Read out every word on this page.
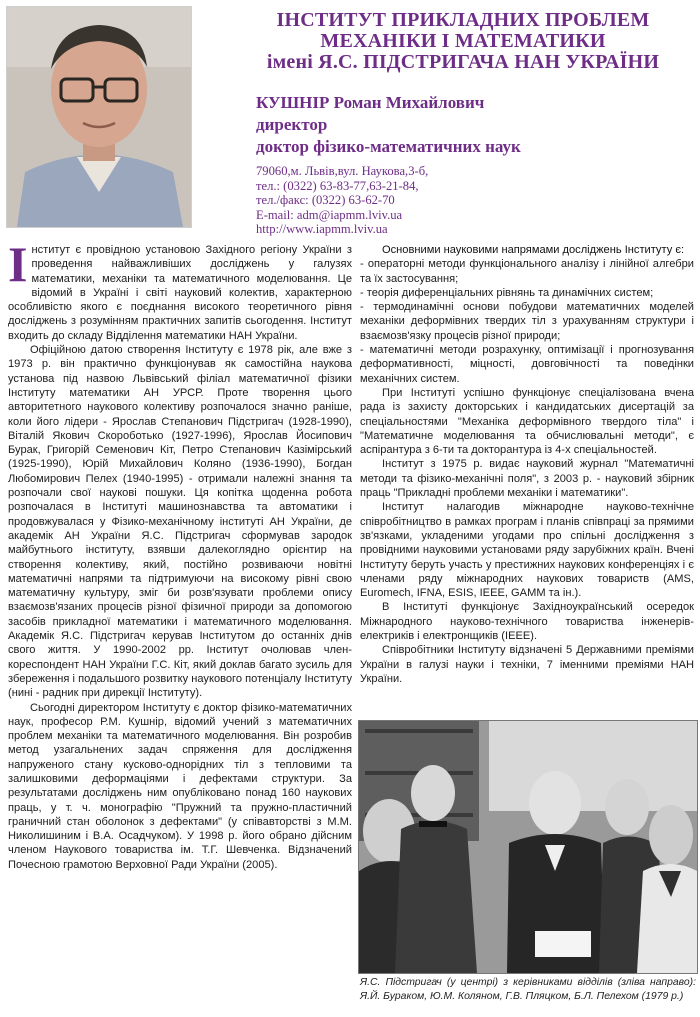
ІНСТИТУТ ПРИКЛАДНИХ ПРОБЛЕМ
МЕХАНІКИ І МАТЕМАТИКИ
імені Я.С. ПІДСТРИГАЧА НАН УКРАЇНИ
КУШНІР Роман Михайлович
директор
доктор фізико-математичних наук
79060,м. Львів,вул. Наукова,3-б,
тел.: (0322) 63-83-77,63-21-84,
тел./факс: (0322) 63-62-70
E-mail: adm@iapmm.lviv.ua
http://www.iapmm.lviv.ua

Інститут є провідною установою Західного регіону України з проведення найважливіших досліджень у галузях математики, механіки та математичного моделювання. Це відомий в Україні і світі науковий колектив, характерною особливістю якого є поєднання високого теоретичного рівня досліджень з розумінням практичних запитів сьогодення. Інститут входить до складу Відділення математики НАН України.

Офіційною датою створення Інституту є 1978 рік, але вже з 1973 р. він практично функціонував як самостійна наукова установа під назвою Львівський філіал математичної фізики Інституту математики АН УРСР. Проте творення цього авторитетного наукового колективу розпочалося значно раніше, коли його лідери - Ярослав Степанович Підстригач (1928-1990), Віталій Якович Скороботько (1927-1996), Ярослав Йосипович Бурак, Григорій Семенович Кіт, Петро Степанович Казімірський (1925-1990), Юрій Михайлович Коляно (1936-1990), Богдан Любомирович Пелех (1940-1995) - отримали належні знання та розпочали свої наукові пошуки. Ця копітка щоденна робота розпочалася в Інституті машинознавства та автоматики і продовжувалася у Фізико-механічному інституті АН України, де академік АН України Я.С. Підстригач сформував зародок майбутнього інституту, взявши далекоглядно орієнтир на створення колективу, який, постійно розвиваючи новітні математичні напрями та підтримуючи на високому рівні свою математичну культуру, зміг би розв'язувати проблеми опису взаємозв'язаних процесів різної фізичної природи за допомогою засобів прикладної математики і математичного моделювання. Академік Я.С. Підстригач керував Інститутом до останніх днів свого життя. У 1990-2002 рр. Інститут очолював член-кореспондент НАН України Г.С. Кіт, який доклав багато зусиль для збереження і подальшого розвитку наукового потенціалу Інституту (нині - радник при дирекції Інституту).

Сьогодні директором Інституту є доктор фізико-математичних наук, професор Р.М. Кушнір, відомий учений з математичних проблем механіки та математичного моделювання. Він розробив метод узагальнених задач спряження для дослідження напруженого стану кусково-однорідних тіл з тепловими та залишковими деформаціями і дефектами структури. За результатами досліджень ним опубліковано понад 160 наукових праць, у т. ч. монографію "Пружний та пружно-пластичний граничний стан оболонок з дефектами" (у співавторстві з М.М. Николишиним і В.А. Осадчуком). У 1998 р. його обрано дійсним членом Наукового товариства ім. Т.Г. Шевченка. Відзначений Почесною грамотою Верховної Ради України (2005).

Основними науковими напрямами досліджень Інституту є:

- операторні методи функціонального аналізу і лінійної алгебри та їх застосування;

- теорія диференціальних рівнянь та динамічних систем;

- термодинамічні основи побудови математичних моделей механіки деформівних твердих тіл з урахуванням структури і взаємозв'язку процесів різної природи;

- математичні методи розрахунку, оптимізації і прогнозування деформативності, міцності, довговічності та поведінки механічних систем.

При Інституті успішно функціонує спеціалізована вчена рада із захисту докторських і кандидатських дисертацій за спеціальностями "Механіка деформівного твердого тіла" і "Математичне моделювання та обчислювальні методи", є аспірантура з 6-ти та докторантура із 4-х спеціальностей.

Інститут з 1975 р. видає науковий журнал "Математичні методи та фізико-механічні поля", з 2003 р. - науковий збірник праць "Прикладні проблеми механіки і математики".

Інститут налагодив міжнародне науково-технічне співробітництво в рамках програм і планів співпраці за прямими зв'язками, укладеними угодами про спільні дослідження з провідними науковими установами ряду зарубіжних країн. Вчені Інституту беруть участь у престижних наукових конференціях і є членами ряду міжнародних наукових товариств (AMS, Euromech, IFNA, ESIS, IEEE, GAMM та ін.).

В Інституті функціонує Західноукраїнський осередок Міжнародного науково-технічного товариства інженерів-електриків і електронщиків (IEEE).

Співробітники Інституту відзначені 5 Державними преміями України в галузі науки і техніки, 7 іменними преміями НАН України.

Я.С. Підстригач (у центрі) з керівниками відділів (зліва направо): Я.Й. Бураком, Ю.М. Коляном, Г.В. Пляцком, Б.Л. Пелехом (1979 р.)
